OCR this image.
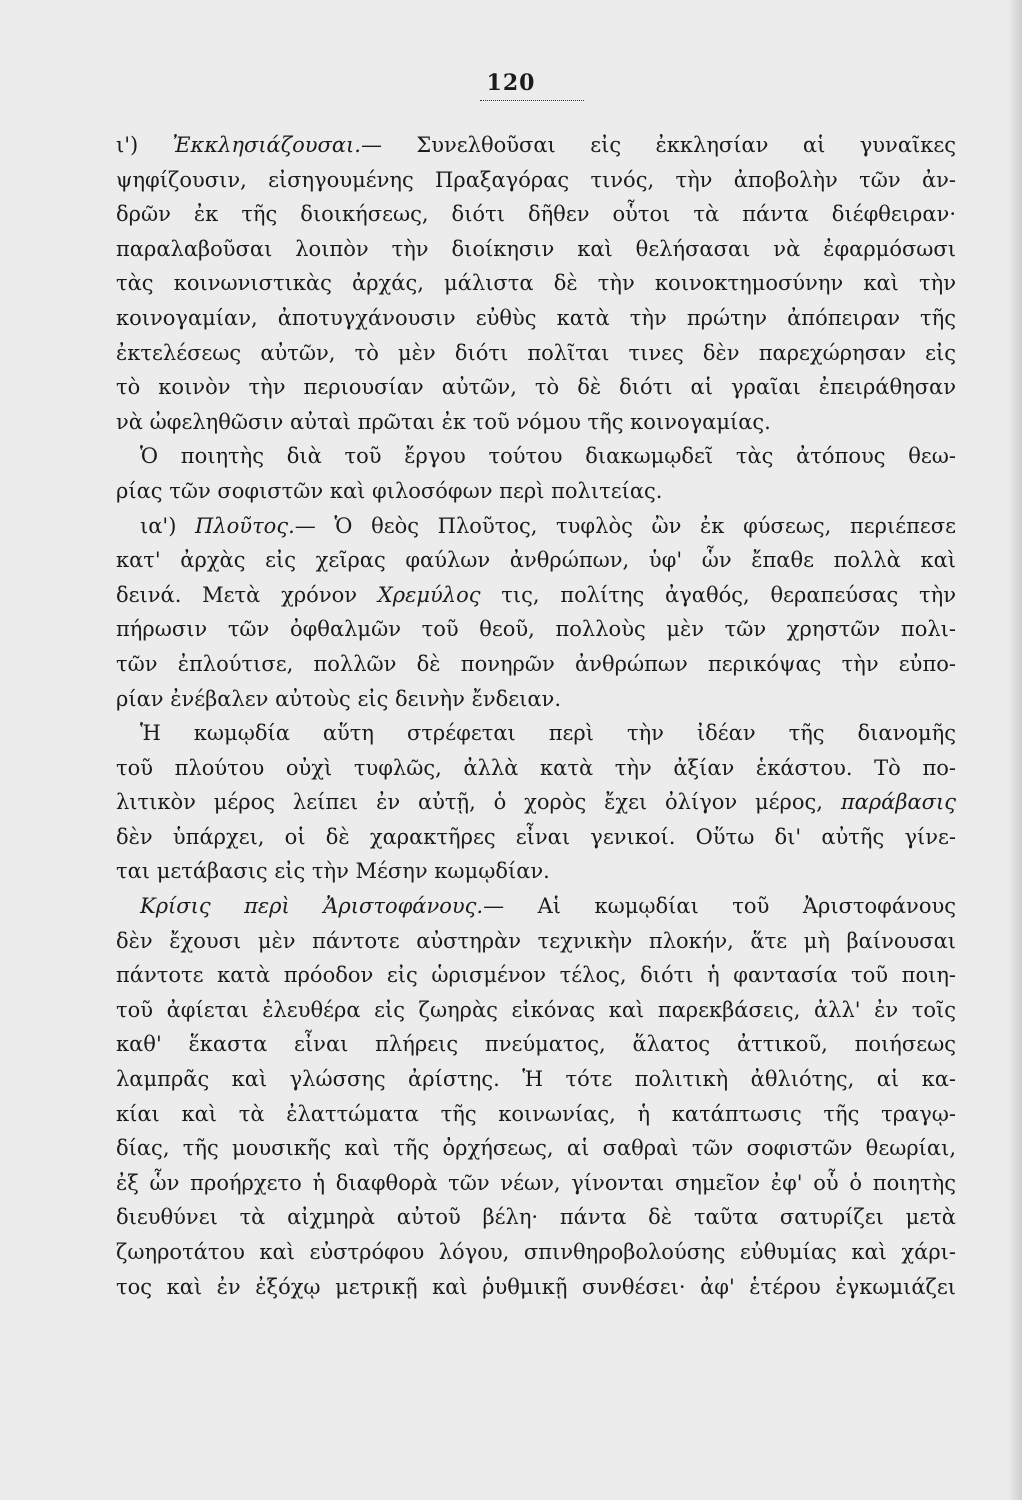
120
ι') Ἐκκλησιάζουσαι.— Συνελθοῦσαι εἰς ἐκκλησίαν αἱ γυναῖκες
ψηφίζουσιν, εἰσηγουμένης Πραξαγόρας τινός, τὴν ἀποβολὴν τῶν ἀν-
δρῶν ἐκ τῆς διοικήσεως, διότι δῆθεν οὗτοι τὰ πάντα διέφθειραν·
παραλαβοῦσαι λοιπὸν τὴν διοίκησιν καὶ θελήσασαι νὰ ἐφαρμόσωσι
τὰς κοινωνιστικὰς ἀρχάς, μάλιστα δὲ τὴν κοινοκτημοσύνην καὶ τὴν
κοινογαμίαν, ἀποτυγχάνουσιν εὐθὺς κατὰ τὴν πρώτην ἀπόπειραν τῆς
ἐκτελέσεως αὐτῶν, τὸ μὲν διότι πολῖται τινες δὲν παρεχώρησαν εἰς
τὸ κοινὸν τὴν περιουσίαν αὐτῶν, τὸ δὲ διότι αἱ γραῖαι ἐπειράθησαν
νὰ ὠφεληθῶσιν αὐταὶ πρῶται ἐκ τοῦ νόμου τῆς κοινογαμίας.
Ὁ ποιητὴς διὰ τοῦ ἔργου τούτου διακωμῳδεῖ τὰς ἀτόπους θεω-
ρίας τῶν σοφιστῶν καὶ φιλοσόφων περὶ πολιτείας.
ια') Πλοῦτος.— Ὁ θεὸς Πλοῦτος, τυφλὸς ὢν ἐκ φύσεως, περιέπεσε
κατ' ἀρχὰς εἰς χεῖρας φαύλων ἀνθρώπων, ὑφ' ὧν ἔπαθε πολλὰ καὶ
δεινά. Μετὰ χρόνον Χρεμύλος τις, πολίτης ἀγαθός, θεραπεύσας τὴν
πήρωσιν τῶν ὀφθαλμῶν τοῦ θεοῦ, πολλοὺς μὲν τῶν χρηστῶν πολι-
τῶν ἐπλούτισε, πολλῶν δὲ πονηρῶν ἀνθρώπων περικόψας τὴν εὐπο-
ρίαν ἐνέβαλεν αὐτοὺς εἰς δεινὴν ἔνδειαν.
Ἡ κωμῳδία αὕτη στρέφεται περὶ τὴν ἰδέαν τῆς διανομῆς
τοῦ πλούτου οὐχὶ τυφλῶς, ἀλλὰ κατὰ τὴν ἀξίαν ἑκάστου. Τὸ πο-
λιτικὸν μέρος λείπει ἐν αὐτῇ, ὁ χορὸς ἔχει ὀλίγον μέρος, παράβασις
δὲν ὑπάρχει, οἱ δὲ χαρακτῆρες εἶναι γενικοί. Οὕτω δι' αὐτῆς γίνε-
ται μετάβασις εἰς τὴν Μέσην κωμῳδίαν.
Κρίσις περὶ Ἀριστοφάνους.— Αἱ κωμῳδίαι τοῦ Ἀριστοφάνους
δὲν ἔχουσι μὲν πάντοτε αὐστηρὰν τεχνικὴν πλοκήν, ἅτε μὴ βαίνουσαι
πάντοτε κατὰ πρόοδον εἰς ὡρισμένον τέλος, διότι ἡ φαντασία τοῦ ποιη-
τοῦ ἀφίεται ἐλευθέρα εἰς ζωηρὰς εἰκόνας καὶ παρεκβάσεις, ἀλλ' ἐν τοῖς
καθ' ἕκαστα εἶναι πλήρεις πνεύματος, ἅλατος ἀττικοῦ, ποιήσεως
λαμπρᾶς καὶ γλώσσης ἀρίστης. Ἡ τότε πολιτικὴ ἀθλιότης, αἱ κα-
κίαι καὶ τὰ ἐλαττώματα τῆς κοινωνίας, ἡ κατάπτωσις τῆς τραγῳ-
δίας, τῆς μουσικῆς καὶ τῆς ὀρχήσεως, αἱ σαθραὶ τῶν σοφιστῶν θεωρίαι,
ἐξ ὧν προήρχετο ἡ διαφθορὰ τῶν νέων, γίνονται σημεῖον ἐφ' οὗ ὁ ποιητὴς
διευθύνει τὰ αἰχμηρὰ αὐτοῦ βέλη· πάντα δὲ ταῦτα σατυρίζει μετὰ
ζωηροτάτου καὶ εὐστρόφου λόγου, σπινθηροβολούσης εὐθυμίας καὶ χάρι-
τος καὶ ἐν ἐξόχῳ μετρικῇ καὶ ῥυθμικῇ συνθέσει· ἀφ' ἑτέρου ἐγκωμιάζει
